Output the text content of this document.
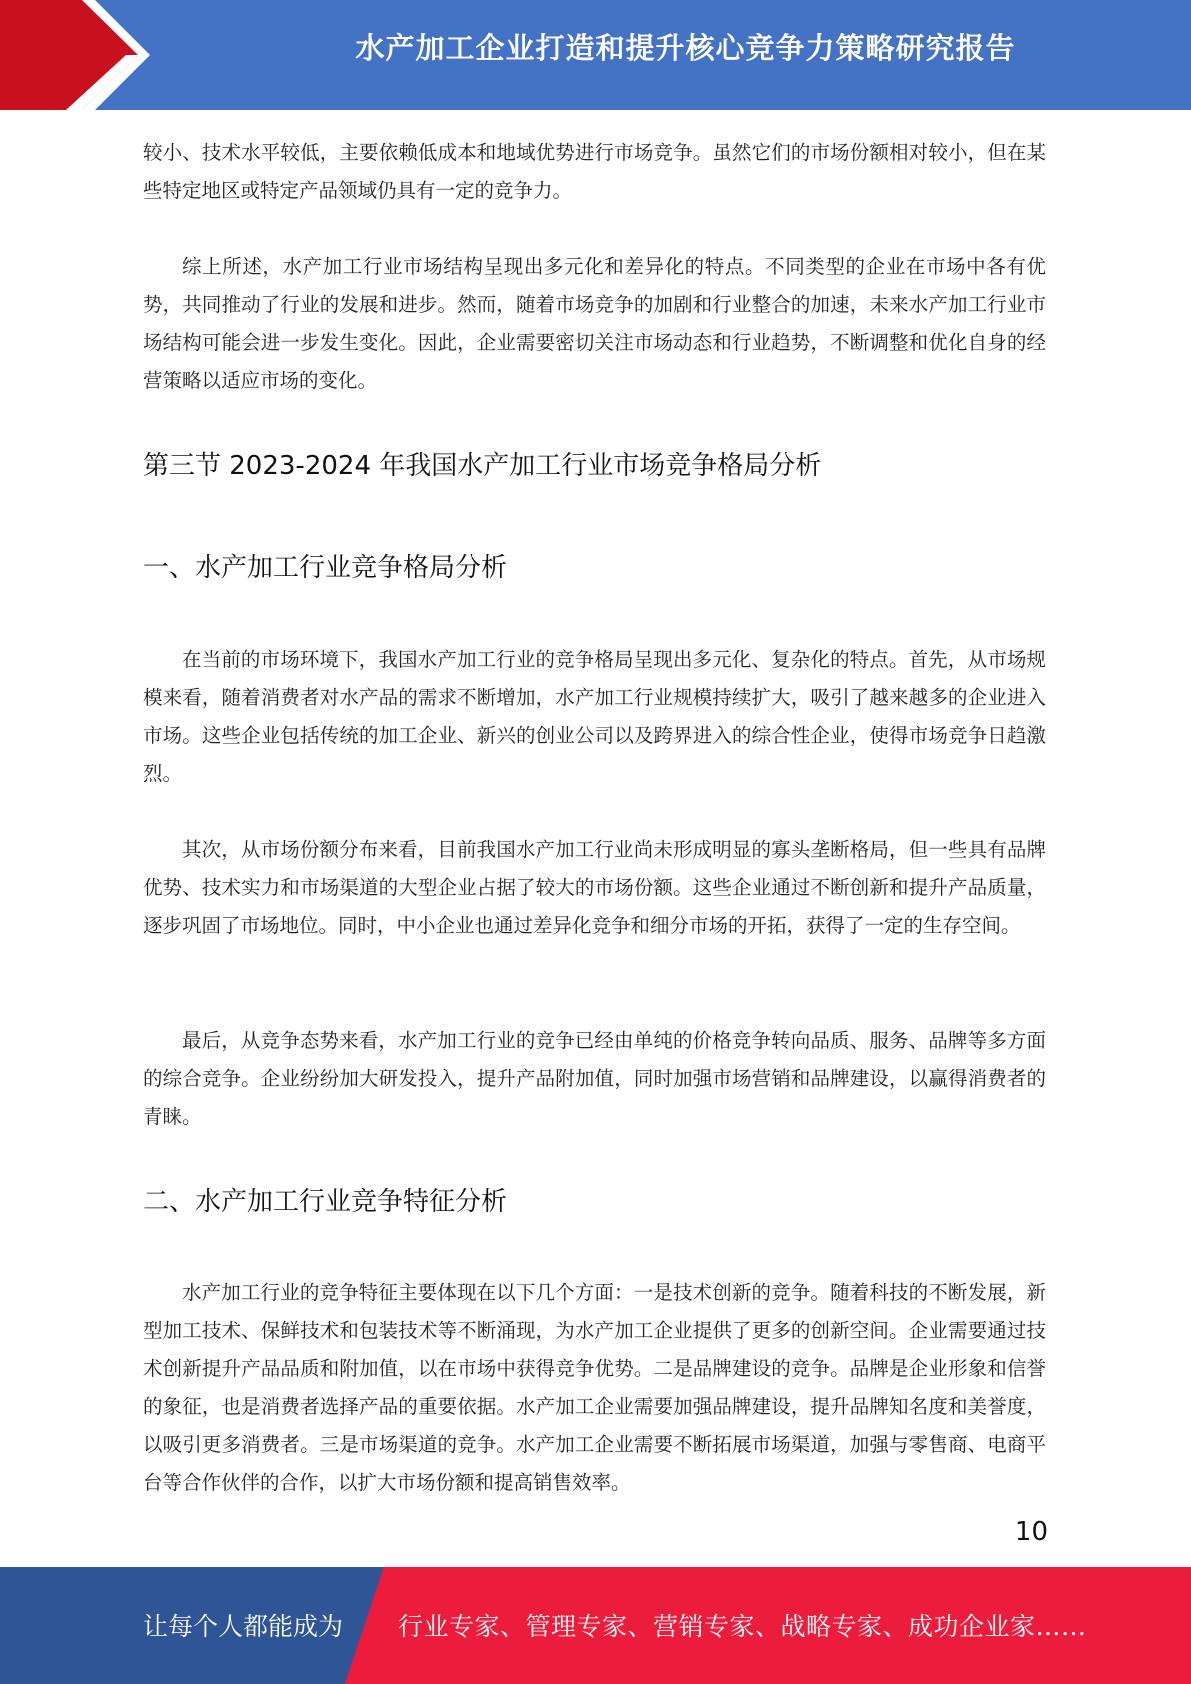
水产加工企业打造和提升核心竞争力策略研究报告
较小、技术水平较低，主要依赖低成本和地域优势进行市场竞争。虽然它们的市场份额相对较小，但在某些特定地区或特定产品领域仍具有一定的竞争力。
综上所述，水产加工行业市场结构呈现出多元化和差异化的特点。不同类型的企业在市场中各有优势，共同推动了行业的发展和进步。然而，随着市场竞争的加剧和行业整合的加速，未来水产加工行业市场结构可能会进一步发生变化。因此，企业需要密切关注市场动态和行业趋势，不断调整和优化自身的经营策略以适应市场的变化。
第三节 2023-2024 年我国水产加工行业市场竞争格局分析
一、水产加工行业竞争格局分析
在当前的市场环境下，我国水产加工行业的竞争格局呈现出多元化、复杂化的特点。首先，从市场规模来看，随着消费者对水产品的需求不断增加，水产加工行业规模持续扩大，吸引了越来越多的企业进入市场。这些企业包括传统的加工企业、新兴的创业公司以及跨界进入的综合性企业，使得市场竞争日趋激烈。
其次，从市场份额分布来看，目前我国水产加工行业尚未形成明显的寡头垄断格局，但一些具有品牌优势、技术实力和市场渠道的大型企业占据了较大的市场份额。这些企业通过不断创新和提升产品质量，逐步巩固了市场地位。同时，中小企业也通过差异化竞争和细分市场的开拓，获得了一定的生存空间。
最后，从竞争态势来看，水产加工行业的竞争已经由单纯的价格竞争转向品质、服务、品牌等多方面的综合竞争。企业纷纷加大研发投入，提升产品附加值，同时加强市场营销和品牌建设，以赢得消费者的青睐。
二、水产加工行业竞争特征分析
水产加工行业的竞争特征主要体现在以下几个方面：一是技术创新的竞争。随着科技的不断发展，新型加工技术、保鲜技术和包装技术等不断涌现，为水产加工企业提供了更多的创新空间。企业需要通过技术创新提升产品品质和附加值，以在市场中获得竞争优势。二是品牌建设的竞争。品牌是企业形象和信誉的象征，也是消费者选择产品的重要依据。水产加工企业需要加强品牌建设，提升品牌知名度和美誉度，以吸引更多消费者。三是市场渠道的竞争。水产加工企业需要不断拓展市场渠道，加强与零售商、电商平台等合作伙伴的合作，以扩大市场份额和提高销售效率。
10
让每个人都能成为 行业专家、管理专家、营销专家、战略专家、成功企业家……
